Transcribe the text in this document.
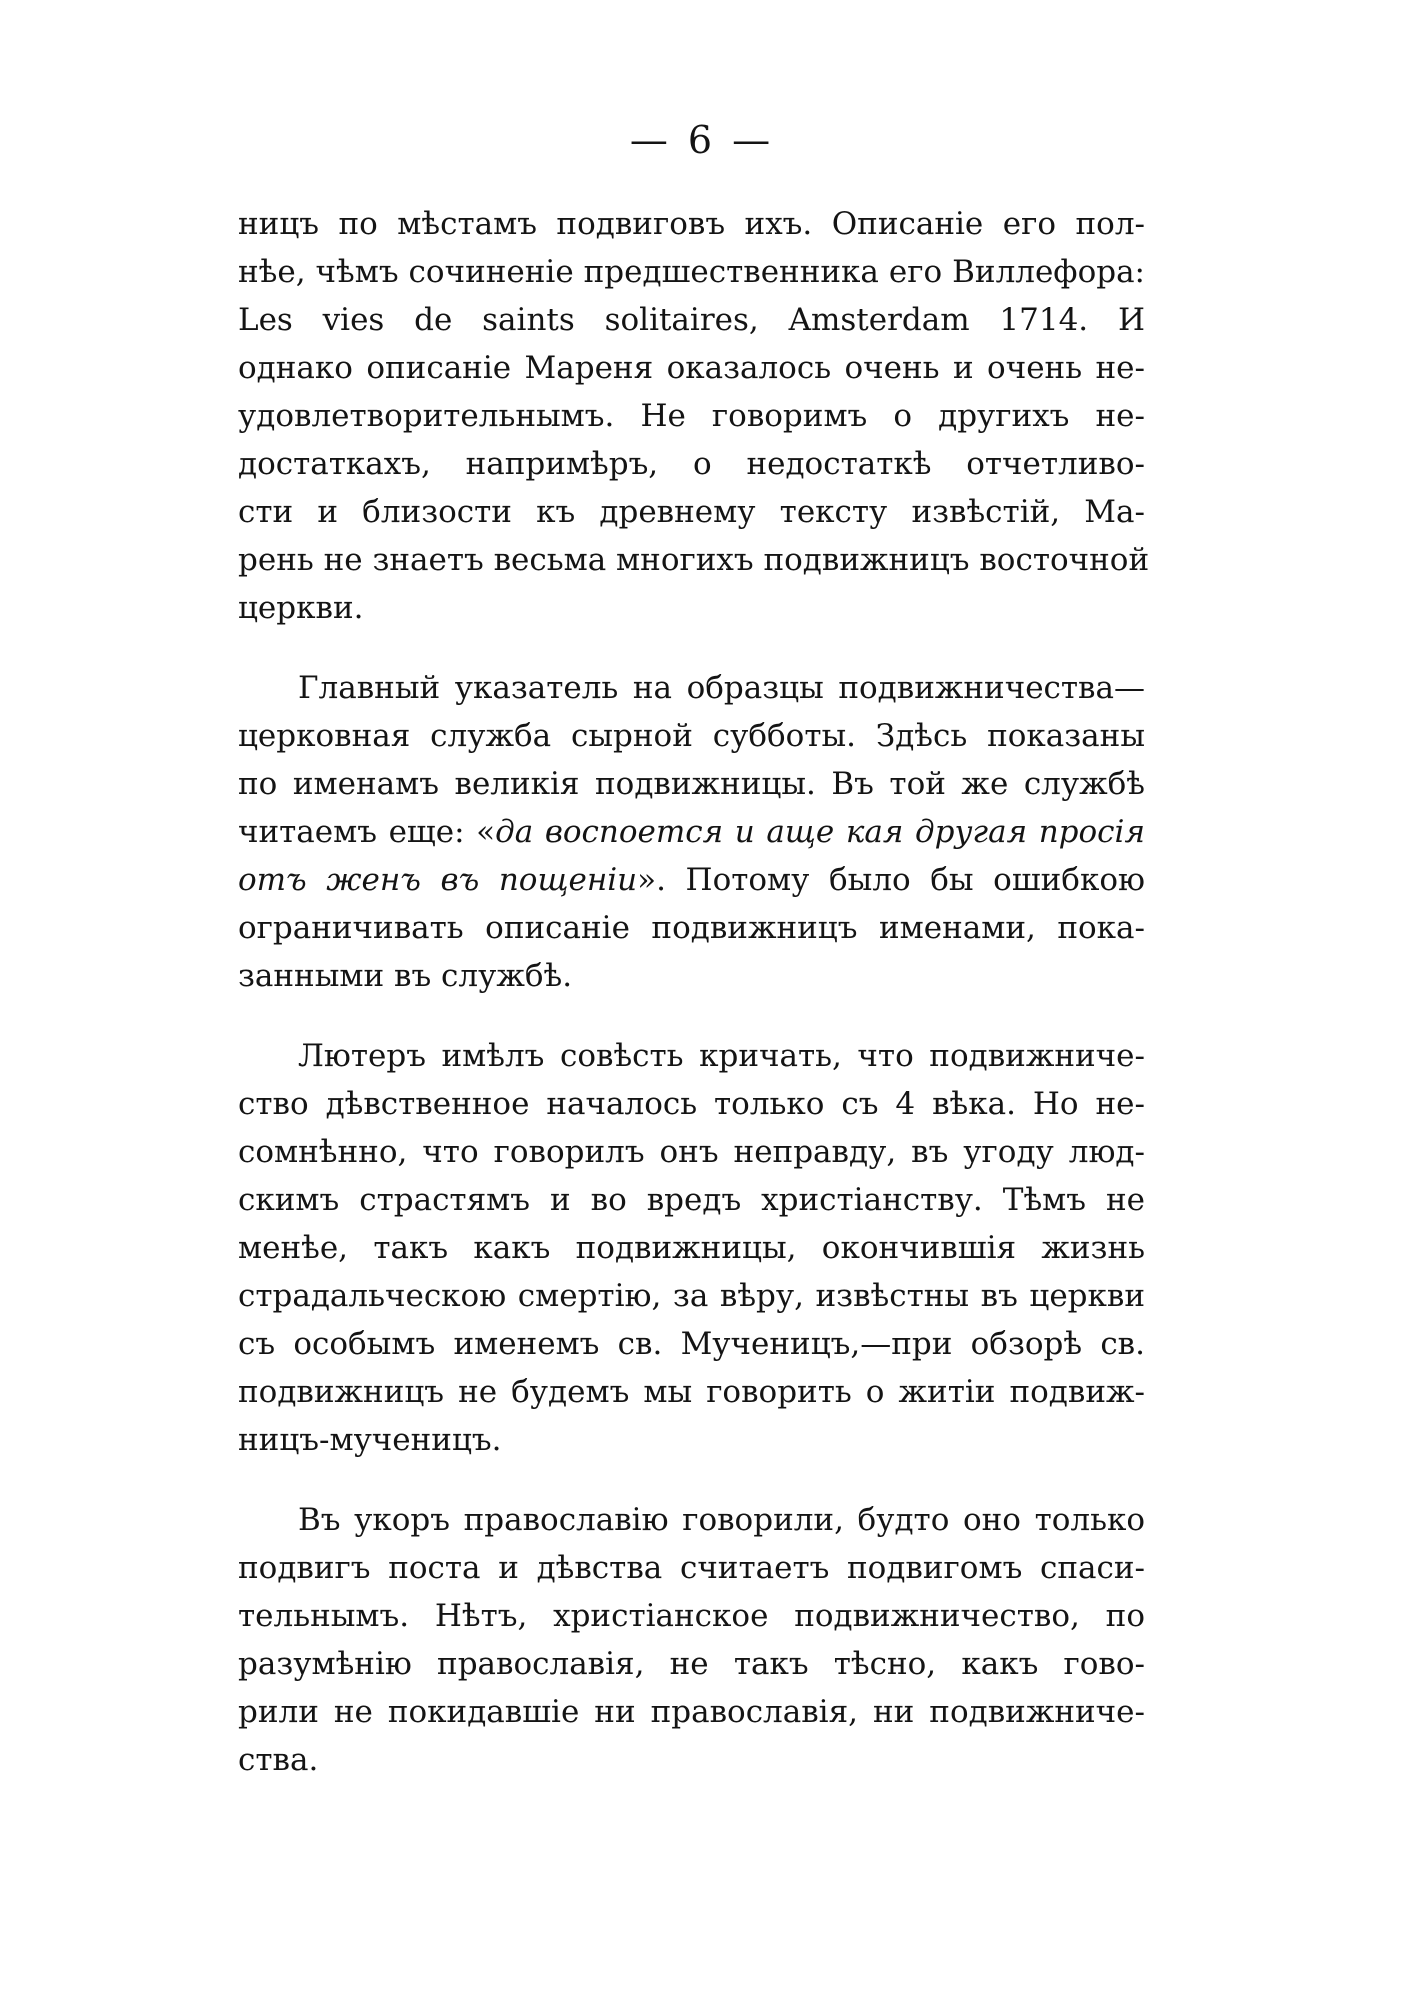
— 6 —
ницъ по мѣстамъ подвиговъ ихъ. Описаніе его пол-
нѣе, чѣмъ сочиненіе предшественника его Виллефора:
Les vies de saints solitaires, Amsterdam 1714. И
однако описаніе Мареня оказалось очень и очень не-
удовлетворительнымъ. Не говоримъ о другихъ не-
достаткахъ, напримѣръ, о недостаткѣ отчетливо-
сти и близости къ древнему тексту извѣстій, Ма-
рень не знаетъ весьма многихъ подвижницъ восточной
церкви.
Главный указатель на образцы подвижничества—
церковная служба сырной субботы. Здѣсь показаны
по именамъ великія подвижницы. Въ той же службѣ
читаемъ еще: «да воспоется и аще кая другая просія
отъ женъ въ пощеніи». Потому было бы ошибкою
ограничивать описаніе подвижницъ именами, пока-
занными въ службѣ.
Лютеръ имѣлъ совѣсть кричать, что подвижниче-
ство дѣвственное началось только съ 4 вѣка. Но не-
сомнѣнно, что говорилъ онъ неправду, въ угоду люд-
скимъ страстямъ и во вредъ христіанству. Тѣмъ не
менѣе, такъ какъ подвижницы, окончившія жизнь
страдальческою смертію, за вѣру, извѣстны въ церкви
съ особымъ именемъ св. Мученицъ,—при обзорѣ св.
подвижницъ не будемъ мы говорить о житіи подвиж-
ницъ-мученицъ.
Въ укоръ православію говорили, будто оно только
подвигъ поста и дѣвства считаетъ подвигомъ спаси-
тельнымъ. Нѣтъ, христіанское подвижничество, по
разумѣнію православія, не такъ тѣсно, какъ гово-
рили не покидавшіе ни православія, ни подвижниче-
ства.
